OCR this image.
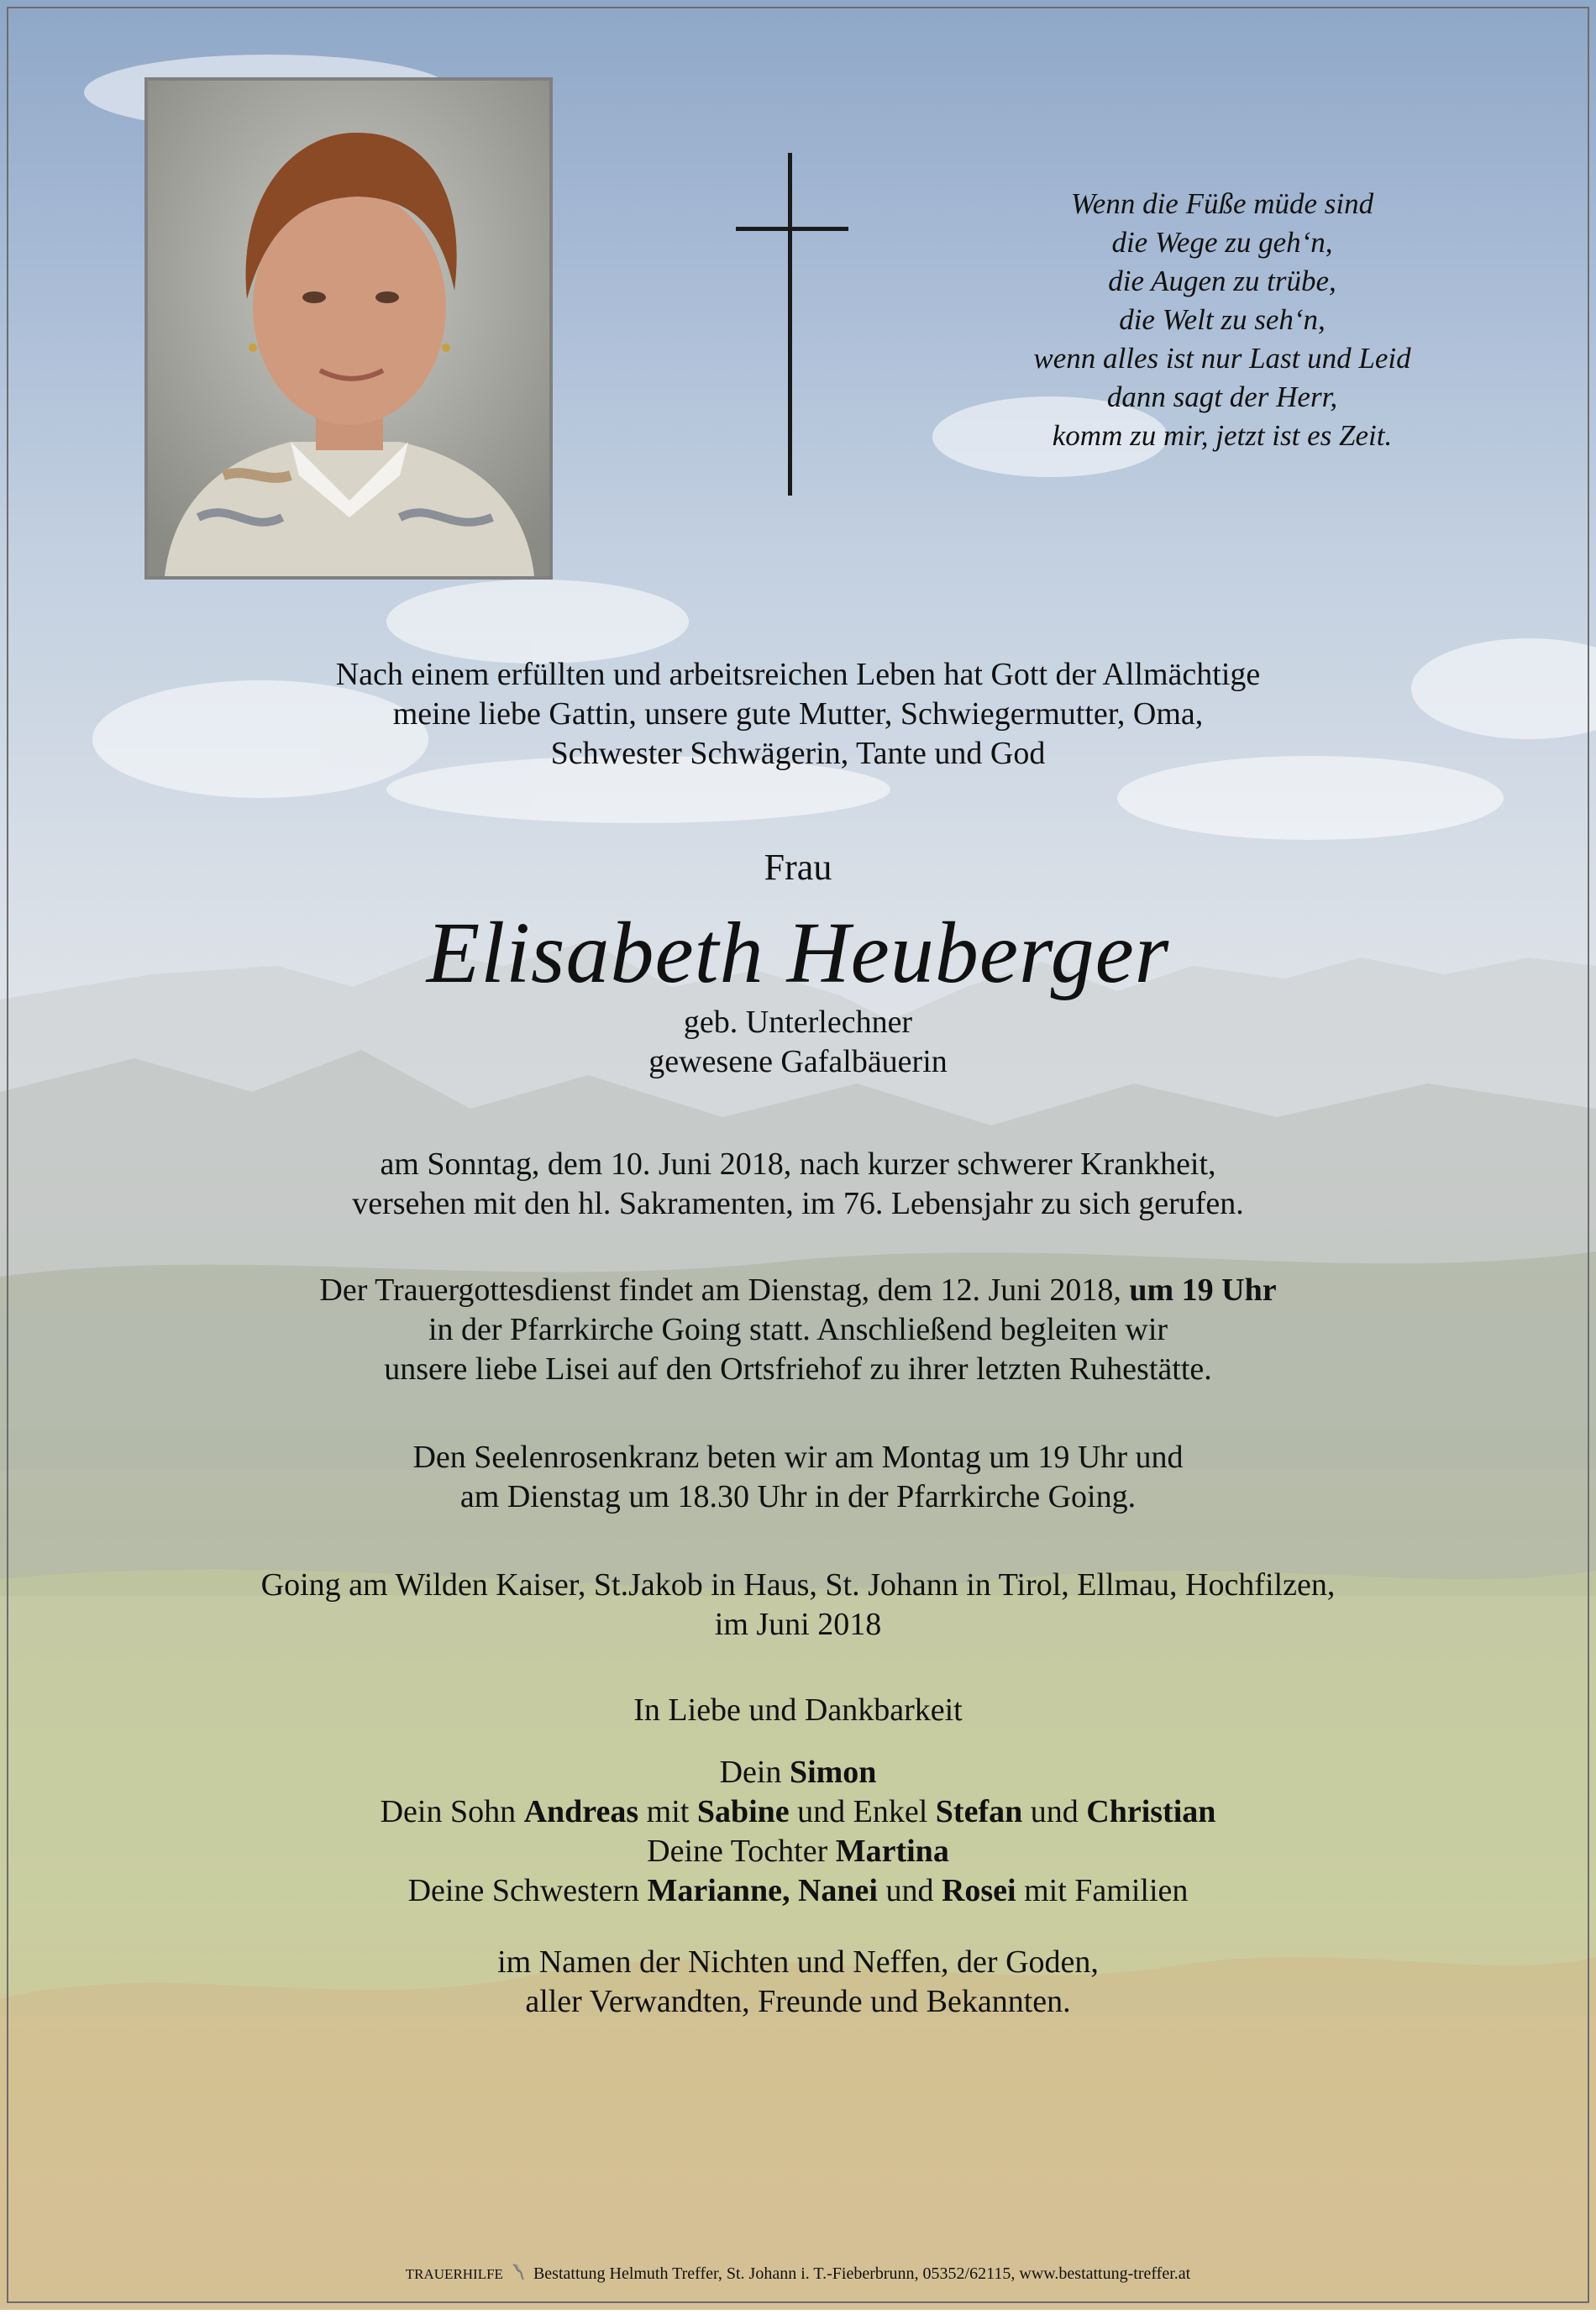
Wenn die Füße müde sind
die Wege zu geh‘n,
die Augen zu trübe,
die Welt zu seh‘n,
wenn alles ist nur Last und Leid
dann sagt der Herr,
komm zu mir, jetzt ist es Zeit.
Nach einem erfüllten und arbeitsreichen Leben hat Gott der Allmächtige
meine liebe Gattin, unsere gute Mutter, Schwiegermutter, Oma,
Schwester Schwägerin, Tante und God
Frau
Elisabeth Heuberger
geb. Unterlechner
gewesene Gafalbäuerin
am Sonntag, dem 10. Juni 2018, nach kurzer schwerer Krankheit,
versehen mit den hl. Sakramenten, im 76. Lebensjahr zu sich gerufen.
Der Trauergottesdienst findet am Dienstag, dem 12. Juni 2018, um 19 Uhr
in der Pfarrkirche Going statt. Anschließend begleiten wir
unsere liebe Lisei auf den Ortsfriehof zu ihrer letzten Ruhestätte.
Den Seelenrosenkranz beten wir am Montag um 19 Uhr und
am Dienstag um 18.30 Uhr in der Pfarrkirche Going.
Going am Wilden Kaiser, St.Jakob in Haus, St. Johann in Tirol, Ellmau, Hochfilzen,
im Juni 2018
In Liebe und Dankbarkeit
Dein Simon
Dein Sohn Andreas mit Sabine und Enkel Stefan und Christian
Deine Tochter Martina
Deine Schwestern Marianne, Nanei und Rosei mit Familien
im Namen der Nichten und Neffen, der Goden,
aller Verwandten, Freunde und Bekannten.
TRAUERHILFE Bestattung Helmuth Treffer, St. Johann i. T.-Fieberbrunn, 05352/62115, www.bestattung-treffer.at
